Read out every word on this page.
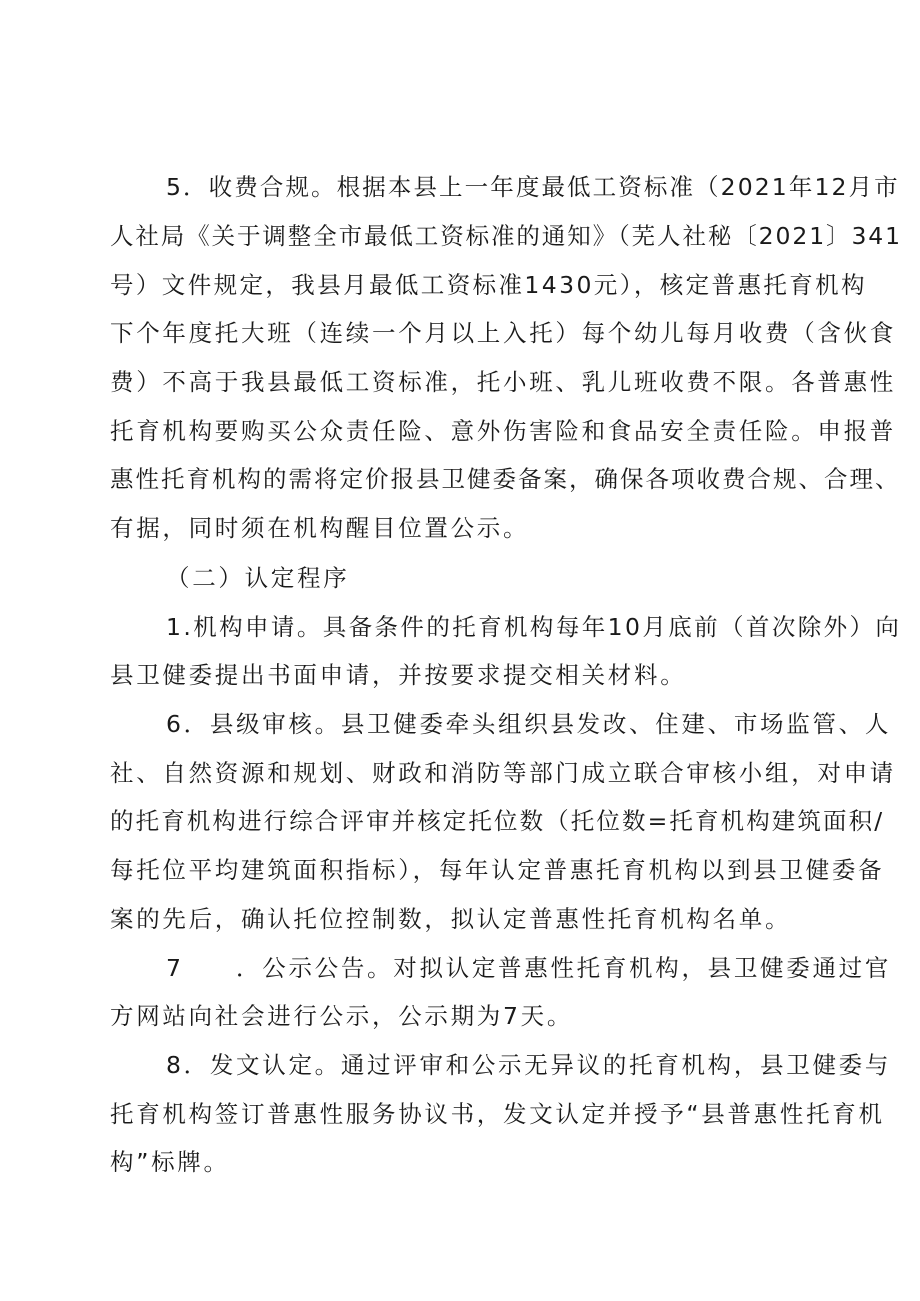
5．收费合规。根据本县上一年度最低工资标准（2021年12月市
人社局《关于调整全市最低工资标准的通知》（芜人社秘〔2021〕341
号）文件规定，我县月最低工资标准1430元），核定普惠托育机构
下个年度托大班（连续一个月以上入托）每个幼儿每月收费（含伙食
费）不高于我县最低工资标准，托小班、乳儿班收费不限。各普惠性
托育机构要购买公众责任险、意外伤害险和食品安全责任险。申报普
惠性托育机构的需将定价报县卫健委备案，确保各项收费合规、合理、
有据，同时须在机构醒目位置公示。
（二）认定程序
1.机构申请。具备条件的托育机构每年10月底前（首次除外）向
县卫健委提出书面申请，并按要求提交相关材料。
6．县级审核。县卫健委牵头组织县发改、住建、市场监管、人
社、自然资源和规划、财政和消防等部门成立联合审核小组，对申请
的托育机构进行综合评审并核定托位数（托位数=托育机构建筑面积/
每托位平均建筑面积指标），每年认定普惠托育机构以到县卫健委备
案的先后，确认托位控制数，拟认定普惠性托育机构名单。
7　　．公示公告。对拟认定普惠性托育机构，县卫健委通过官
方网站向社会进行公示，公示期为7天。
8．发文认定。通过评审和公示无异议的托育机构，县卫健委与
托育机构签订普惠性服务协议书，发文认定并授予“县普惠性托育机
构”标牌。
